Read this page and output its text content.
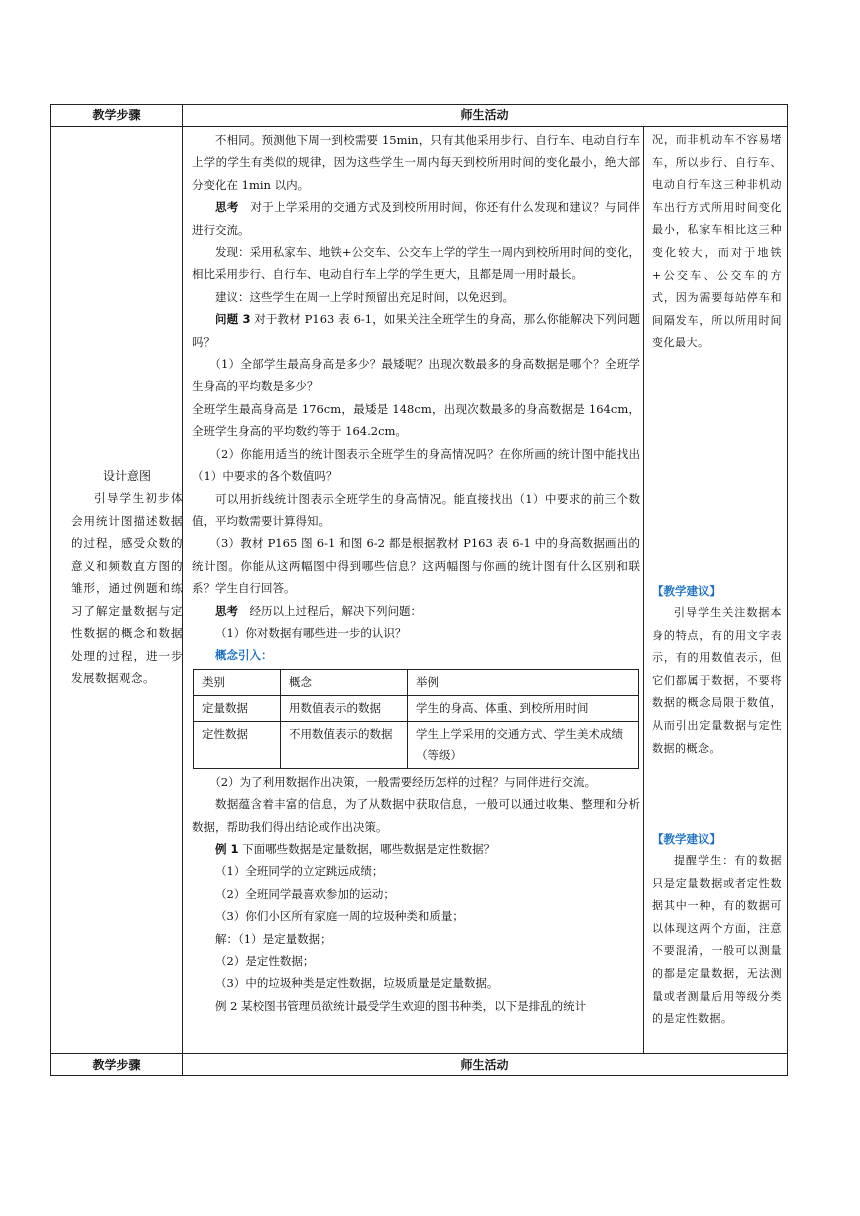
教学步骤	师生活动
设计意图
引导学生初步体会用统计图描述数据的过程，感受众数的意义和频数直方图的雏形，通过例题和练习了解定量数据与定性数据的概念和数据处理的过程，进一步发展数据观念。

不相同。预测他下周一到校需要 15min，只有其他采用步行、自行车、电动自行车上学的学生有类似的规律，因为这些学生一周内每天到校所用时间的变化最小，绝大部分变化在 1min 以内。

思考　对于上学采用的交通方式及到校所用时间，你还有什么发现和建议？与同伴进行交流。

发现：采用私家车、地铁+公交车、公交车上学的学生一周内到校所用时间的变化，相比采用步行、自行车、电动自行车上学的学生更大，且都是周一用时最长。

建议：这些学生在周一上学时预留出充足时间，以免迟到。

问题 3 对于教材 P163 表 6-1，如果关注全班学生的身高，那么你能解决下列问题吗？

（1）全部学生最高身高是多少？最矮呢？出现次数最多的身高数据是哪个？全班学生身高的平均数是多少？

全班学生最高身高是 176cm，最矮是 148cm，出现次数最多的身高数据是 164cm，全班学生身高的平均数约等于 164.2cm。

（2）你能用适当的统计图表示全班学生的身高情况吗？在你所画的统计图中能找出（1）中要求的各个数值吗？

可以用折线统计图表示全班学生的身高情况。能直接找出（1）中要求的前三个数值，平均数需要计算得知。

（3）教材 P165 图 6-1 和图 6-2 都是根据教材 P163 表 6-1 中的身高数据画出的统计图。你能从这两幅图中得到哪些信息？这两幅图与你画的统计图有什么区别和联系？学生自行回答。

思考　经历以上过程后，解决下列问题：

（1）你对数据有哪些进一步的认识？

概念引入：

类别	概念	举例
定量数据	用数值表示的数据	学生的身高、体重、到校所用时间
定性数据	不用数值表示的数据	学生上学采用的交通方式、学生美术成绩（等级）

（2）为了利用数据作出决策，一般需要经历怎样的过程？与同伴进行交流。

数据蕴含着丰富的信息，为了从数据中获取信息，一般可以通过收集、整理和分析数据，帮助我们得出结论或作出决策。

例 1 下面哪些数据是定量数据，哪些数据是定性数据？

（1）全班同学的立定跳远成绩；

（2）全班同学最喜欢参加的运动；

（3）你们小区所有家庭一周的垃圾种类和质量；

解：（1）是定量数据；

（2）是定性数据；

（3）中的垃圾种类是定性数据，垃圾质量是定量数据。

例 2 某校图书管理员欲统计最受学生欢迎的图书种类，以下是排乱的统计

况，而非机动车不容易堵车，所以步行、自行车、电动自行车这三种非机动车出行方式所用时间变化最小，私家车相比这三种变化较大，而对于地铁+公交车、公交车的方式，因为需要每站停车和间隔发车，所以所用时间变化最大。

【教学建议】

引导学生关注数据本身的特点，有的用文字表示，有的用数值表示，但它们都属于数据，不要将数据的概念局限于数值，从而引出定量数据与定性数据的概念。

【教学建议】

提醒学生：有的数据只是定量数据或者定性数据其中一种，有的数据可以体现这两个方面，注意不要混淆，一般可以测量的都是定量数据，无法测量或者测量后用等级分类的是定性数据。

教学步骤	师生活动
